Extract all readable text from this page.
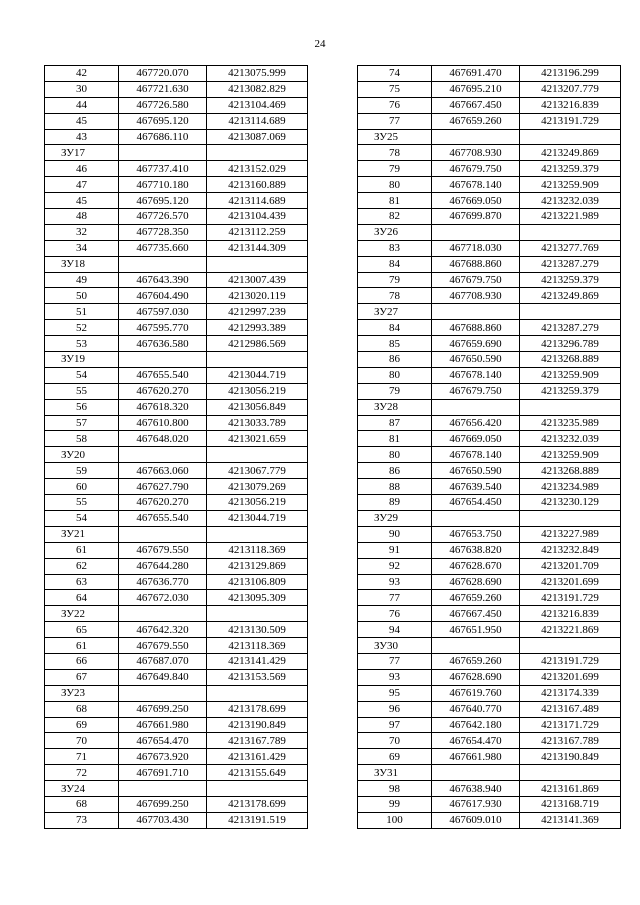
24
42	467720.070	4213075.999
30	467721.630	4213082.829
44	467726.580	4213104.469
45	467695.120	4213114.689
43	467686.110	4213087.069
ЗУ17		
46	467737.410	4213152.029
47	467710.180	4213160.889
45	467695.120	4213114.689
48	467726.570	4213104.439
32	467728.350	4213112.259
34	467735.660	4213144.309
ЗУ18		
49	467643.390	4213007.439
50	467604.490	4213020.119
51	467597.030	4212997.239
52	467595.770	4212993.389
53	467636.580	4212986.569
ЗУ19		
54	467655.540	4213044.719
55	467620.270	4213056.219
56	467618.320	4213056.849
57	467610.800	4213033.789
58	467648.020	4213021.659
ЗУ20		
59	467663.060	4213067.779
60	467627.790	4213079.269
55	467620.270	4213056.219
54	467655.540	4213044.719
ЗУ21		
61	467679.550	4213118.369
62	467644.280	4213129.869
63	467636.770	4213106.809
64	467672.030	4213095.309
ЗУ22		
65	467642.320	4213130.509
61	467679.550	4213118.369
66	467687.070	4213141.429
67	467649.840	4213153.569
ЗУ23		
68	467699.250	4213178.699
69	467661.980	4213190.849
70	467654.470	4213167.789
71	467673.920	4213161.429
72	467691.710	4213155.649
ЗУ24		
68	467699.250	4213178.699
73	467703.430	4213191.519
74	467691.470	4213196.299
75	467695.210	4213207.779
76	467667.450	4213216.839
77	467659.260	4213191.729
ЗУ25		
78	467708.930	4213249.869
79	467679.750	4213259.379
80	467678.140	4213259.909
81	467669.050	4213232.039
82	467699.870	4213221.989
ЗУ26		
83	467718.030	4213277.769
84	467688.860	4213287.279
79	467679.750	4213259.379
78	467708.930	4213249.869
ЗУ27		
84	467688.860	4213287.279
85	467659.690	4213296.789
86	467650.590	4213268.889
80	467678.140	4213259.909
79	467679.750	4213259.379
ЗУ28		
87	467656.420	4213235.989
81	467669.050	4213232.039
80	467678.140	4213259.909
86	467650.590	4213268.889
88	467639.540	4213234.989
89	467654.450	4213230.129
ЗУ29		
90	467653.750	4213227.989
91	467638.820	4213232.849
92	467628.670	4213201.709
93	467628.690	4213201.699
77	467659.260	4213191.729
76	467667.450	4213216.839
94	467651.950	4213221.869
ЗУ30		
77	467659.260	4213191.729
93	467628.690	4213201.699
95	467619.760	4213174.339
96	467640.770	4213167.489
97	467642.180	4213171.729
70	467654.470	4213167.789
69	467661.980	4213190.849
ЗУ31		
98	467638.940	4213161.869
99	467617.930	4213168.719
100	467609.010	4213141.369
